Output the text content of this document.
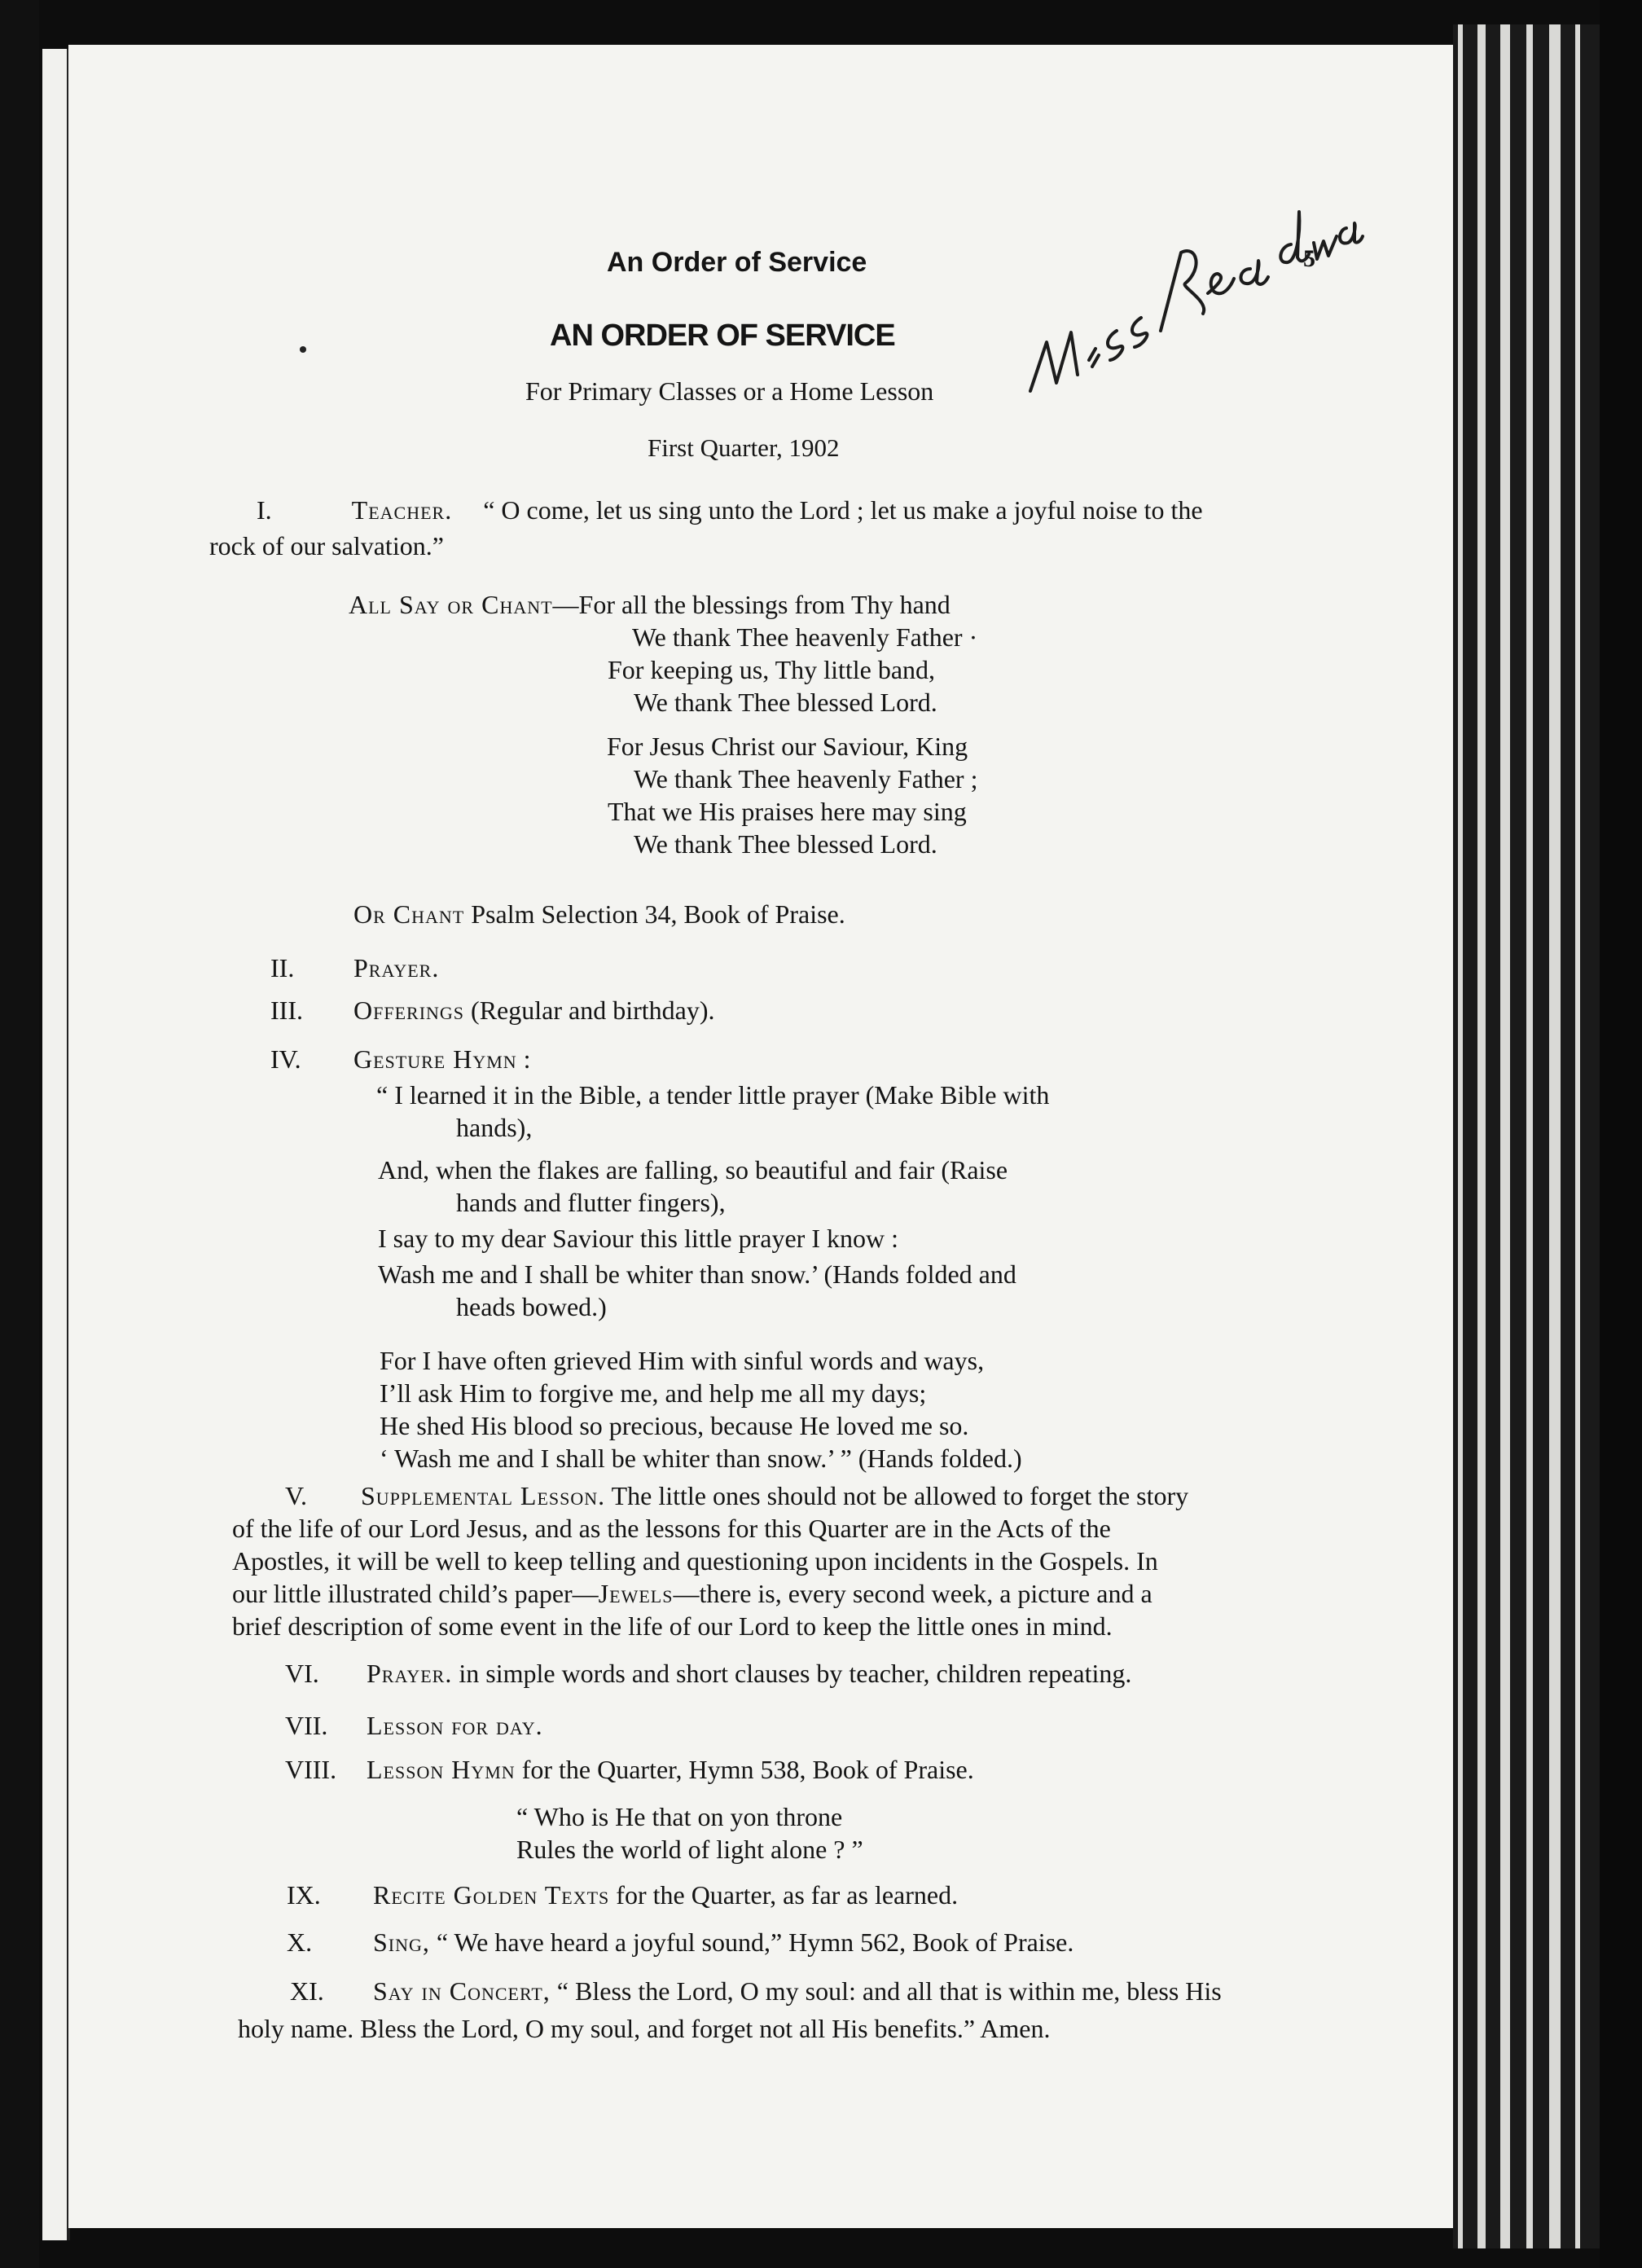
An Order of Service	5
AN ORDER OF SERVICE
For Primary Classes or a Home Lesson
First Quarter, 1902
I.	Teacher. “ O come, let us sing unto the Lord ; let us make a joyful noise to the
rock of our salvation.”
All Say or Chant—For all the blessings from Thy hand
We thank Thee heavenly Father ·
For keeping us, Thy little band,
We thank Thee blessed Lord.
For Jesus Christ our Saviour, King
We thank Thee heavenly Father ;
That we His praises here may sing
We thank Thee blessed Lord.
Or Chant Psalm Selection 34, Book of Praise.
II. Prayer.
III. Offerings (Regular and birthday).
IV. Gesture Hymn :
“ I learned it in the Bible, a tender little prayer (Make Bible with
hands),
And, when the flakes are falling, so beautiful and fair (Raise
hands and flutter fingers),
I say to my dear Saviour this little prayer I know :
Wash me and I shall be whiter than snow.’ (Hands folded and
heads bowed.)
For I have often grieved Him with sinful words and ways,
I’ll ask Him to forgive me, and help me all my days;
He shed His blood so precious, because He loved me so.
‘ Wash me and I shall be whiter than snow.’ ” (Hands folded.)
V. Supplemental Lesson. The little ones should not be allowed to forget the story
of the life of our Lord Jesus, and as the lessons for this Quarter are in the Acts of the
Apostles, it will be well to keep telling and questioning upon incidents in the Gospels. In
our little illustrated child’s paper—Jewels—there is, every second week, a picture and a
brief description of some event in the life of our Lord to keep the little ones in mind.
VI. Prayer. in simple words and short clauses by teacher, children repeating.
VII. Lesson for day.
VIII. Lesson Hymn for the Quarter, Hymn 538, Book of Praise.
“ Who is He that on yon throne
Rules the world of light alone ? ”
IX. Recite Golden Texts for the Quarter, as far as learned.
X. Sing, “ We have heard a joyful sound,” Hymn 562, Book of Praise.
XI. Say in Concert, “ Bless the Lord, O my soul: and all that is within me, bless His
holy name. Bless the Lord, O my soul, and forget not all His benefits.” Amen.
